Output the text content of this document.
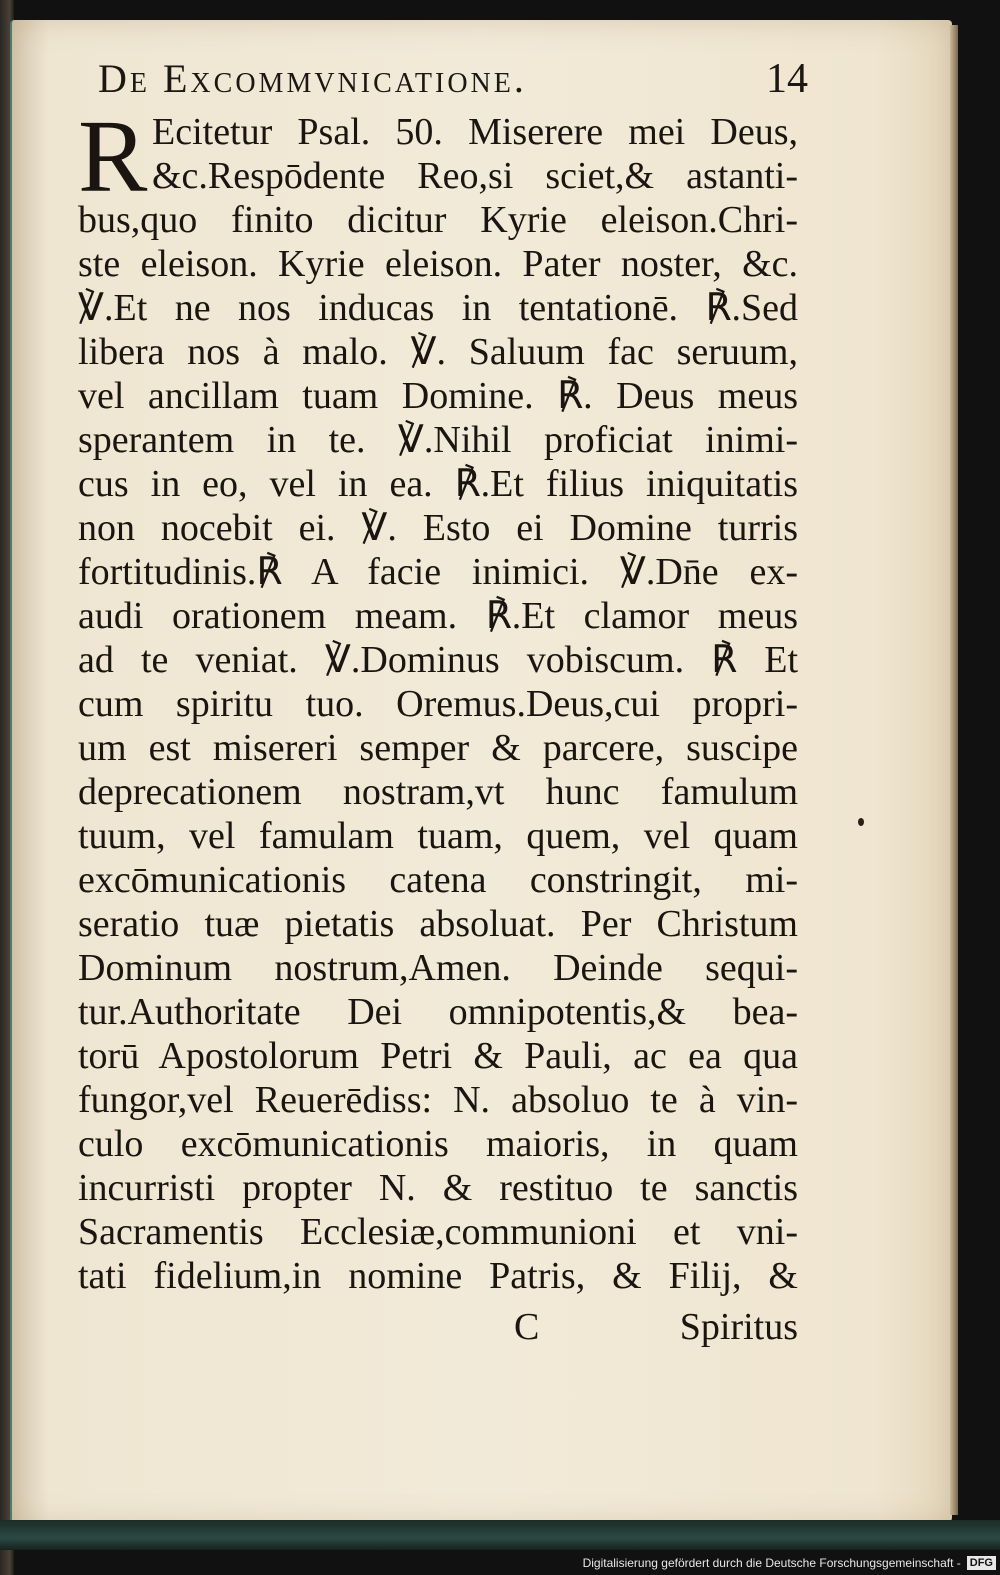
De Excommvnicatione.	14
R Ecitetur Psal. 50. Miserere mei Deus,
&c.Respōdente Reo,si sciet,& astanti-
bus,quo finito dicitur Kyrie eleison.Chri-
ste eleison. Kyrie eleison. Pater noster, &c.
℣.Et ne nos inducas in tentationē. ℟.Sed
libera nos à malo. ℣. Saluum fac seruum,
vel ancillam tuam Domine. ℟. Deus meus
sperantem in te. ℣.Nihil proficiat inimi-
cus in eo, vel in ea. ℟.Et filius iniquitatis
non nocebit ei. ℣. Esto ei Domine turris
fortitudinis.℟ A facie inimici. ℣.Dn̄e ex-
audi orationem meam. ℟.Et clamor meus
ad te veniat. ℣.Dominus vobiscum. ℟ Et
cum spiritu tuo. Oremus.Deus,cui propri-
um est misereri semper & parcere, suscipe
deprecationem nostram,vt hunc famulum
tuum, vel famulam tuam, quem, vel quam
excōmunicationis catena constringit, mi-
seratio tuæ pietatis absoluat. Per Christum
Dominum nostrum,Amen. Deinde sequi-
tur.Authoritate Dei omnipotentis,& bea-
torū Apostolorum Petri & Pauli, ac ea qua
fungor,vel Reuerēdiss: N. absoluo te à vin-
culo excōmunicationis maioris, in quam
incurristi propter N. & restituo te sanctis
Sacramentis Ecclesiæ,communioni et vni-
tati fidelium,in nomine Patris, & Filij, &
C	Spiritus
Digitalisierung gefördert durch die Deutsche Forschungsgemeinschaft - DFG
